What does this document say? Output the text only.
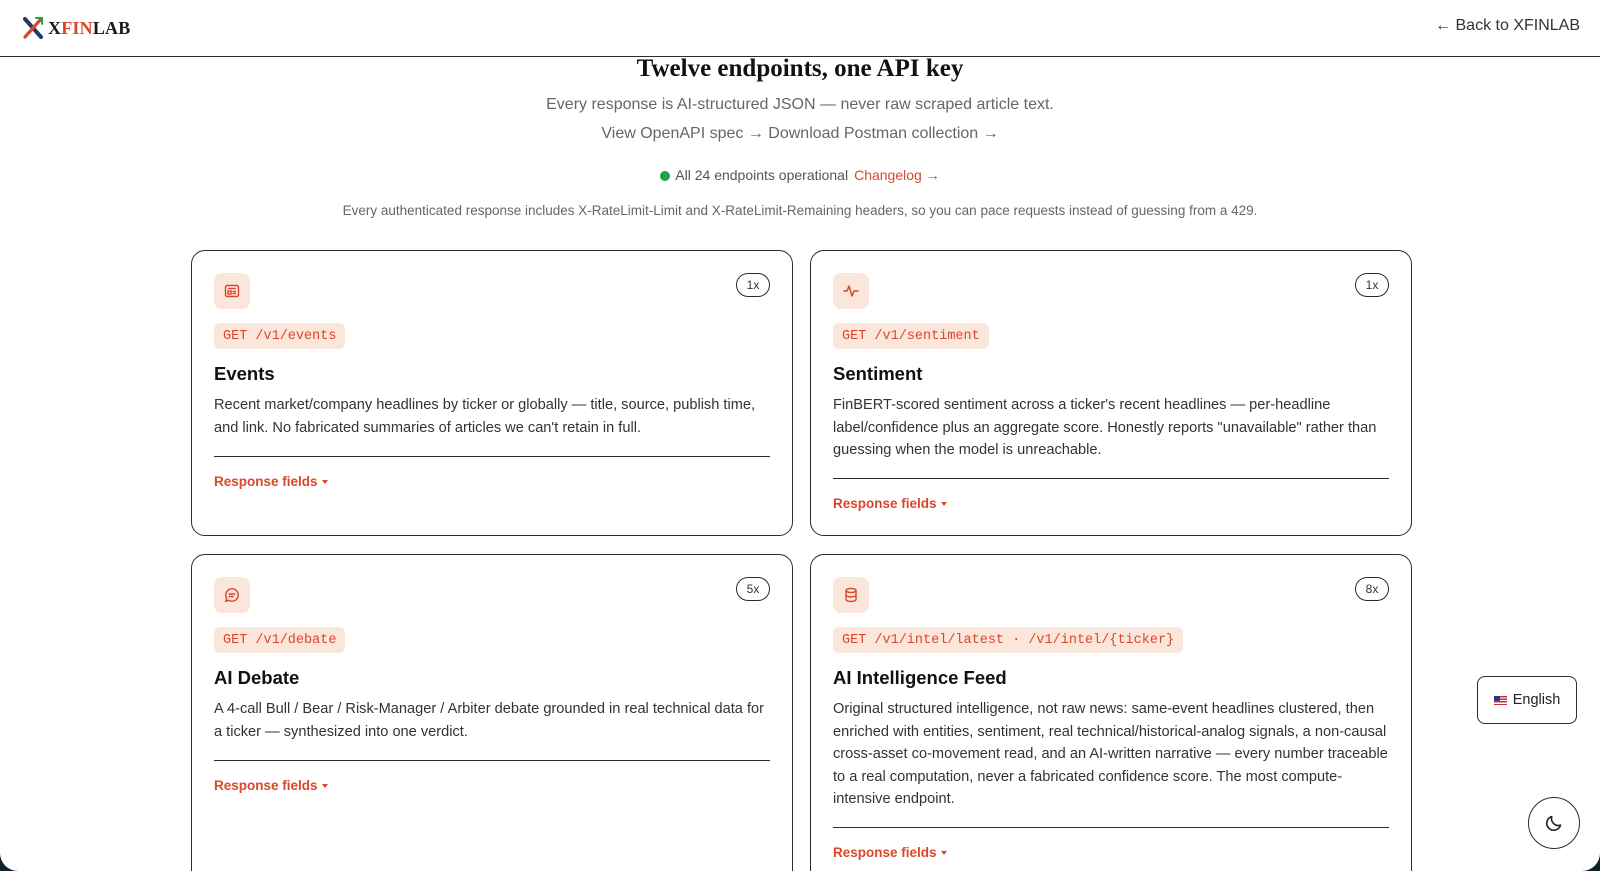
XFINLAB	← Back to XFINLAB
Twelve endpoints, one API key

Every response is AI-structured JSON — never raw scraped article text.

View OpenAPI spec → Download Postman collection →

All 24 endpoints operational Changelog →

Every authenticated response includes X-RateLimit-Limit and X-RateLimit-Remaining headers, so you can pace requests instead of guessing from a 429.

1x
GET /v1/events
Events
Recent market/company headlines by ticker or globally — title, source, publish time, and link. No fabricated summaries of articles we can't retain in full.
Response fields
1x
GET /v1/sentiment
Sentiment
FinBERT-scored sentiment across a ticker's recent headlines — per-headline label/confidence plus an aggregate score. Honestly reports "unavailable" rather than guessing when the model is unreachable.
Response fields
5x
GET /v1/debate
AI Debate
A 4-call Bull / Bear / Risk-Manager / Arbiter debate grounded in real technical data for a ticker — synthesized into one verdict.
Response fields
8x
GET /v1/intel/latest · /v1/intel/{ticker}
AI Intelligence Feed
Original structured intelligence, not raw news: same-event headlines clustered, then enriched with entities, sentiment, real technical/historical-analog signals, a non-causal cross-asset co-movement read, and an AI-written narrative — every number traceable to a real computation, never a fabricated confidence score. The most compute-intensive endpoint.
Response fields
English
